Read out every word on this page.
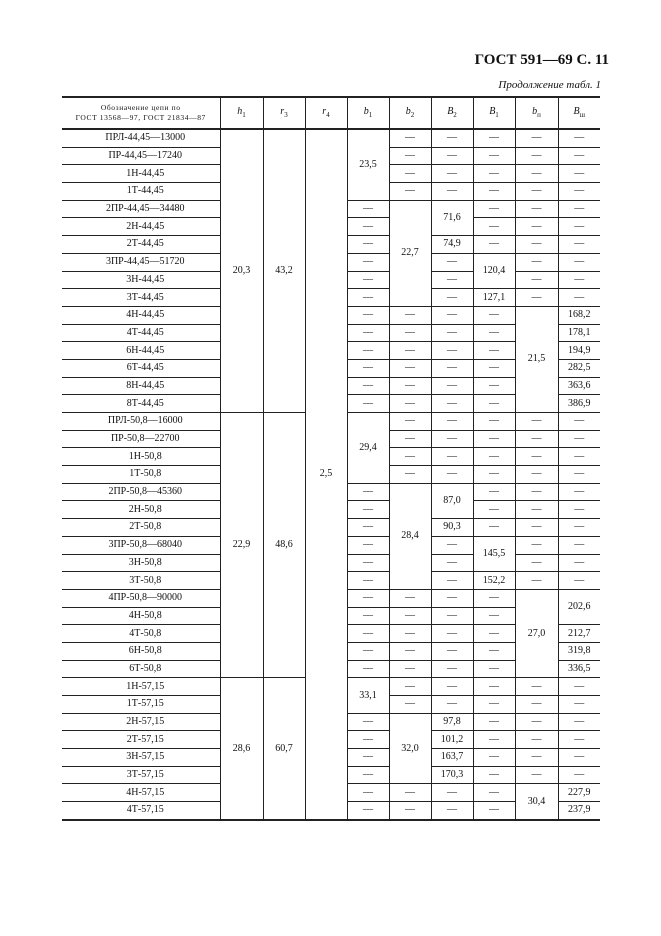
ГОСТ 591—69 С. 11
Продолжение табл. 1
Обозначение цепи по
ГОСТ 13568—97, ГОСТ 21834—87	$h_1$	$r_3$	$r_4$	$b_1$	$b_2$	$B_2$	$B_1$	$b_п$	$B_ш$
ПРЛ-44,45—13000	20,3	43,2	2,5	23,5	—	—	—	—	—
ПР-44,45—17240					—	—	—	—	—
1Н-44,45					—	—	—	—	—
1Т-44,45					—	—	—	—	—
2ПР-44,45—34480				—	22,7	71,6	—	—	—
2Н-44,45				—			—	—	—
2Т-44,45				—		74,9	—	—	—
3ПР-44,45—51720				—		—	120,4	—	—
3Н-44,45				—		—		—	—
3Т-44,45				—		—	127,1	—	—
4Н-44,45				—	—	—	—	21,5	168,2
4Т-44,45				—	—	—	—		178,1
6Н-44,45				—	—	—	—		194,9
6Т-44,45				—	—	—	—		282,5
8Н-44,45				—	—	—	—		363,6
8Т-44,45				—	—	—	—		386,9
ПРЛ-50,8—16000	22,9	48,6		29,4	—	—	—	—	—
ПР-50,8—22700					—	—	—	—	—
1Н-50,8					—	—	—	—	—
1Т-50,8					—	—	—	—	—
2ПР-50,8—45360				—	28,4	87,0	—	—	—
2Н-50,8				—			—	—	—
2Т-50,8				—		90,3	—	—	—
3ПР-50,8—68040				—		—	145,5	—	—
3Н-50,8				—		—		—	—
3Т-50,8				—		—	152,2	—	—
4ПР-50,8—90000				—	—	—	—	27,0	202,6
4Н-50,8				—	—	—	—		
4Т-50,8				—	—	—	—		212,7
6Н-50,8				—	—	—	—		319,8
6Т-50,8				—	—	—	—		336,5
1Н-57,15	28,6	60,7		33,1	—	—	—	—	—
1Т-57,15					—	—	—	—	—
2Н-57,15				—	32,0	97,8	—	—	—
2Т-57,15				—		101,2	—	—	—
3Н-57,15				—		163,7	—	—	—
3Т-57,15				—		170,3	—	—	—
4Н-57,15				—	—	—	—	30,4	227,9
4Т-57,15				—	—	—	—		237,9
